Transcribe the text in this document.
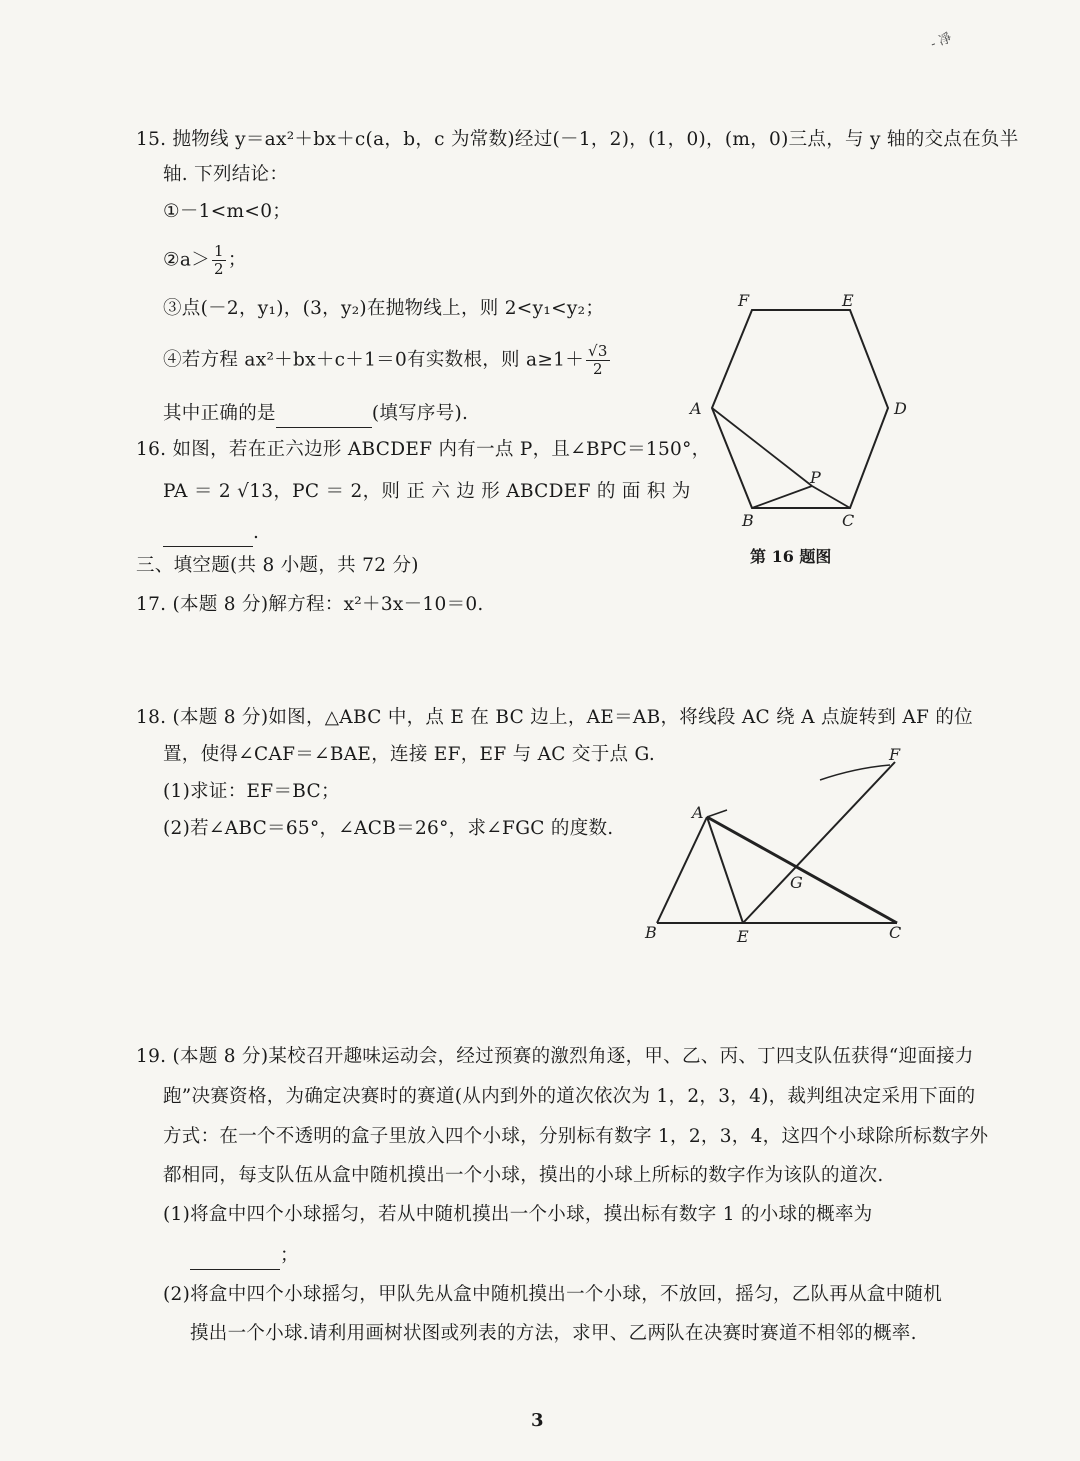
- 凈
15. 抛物线 y＝ax²＋bx＋c(a，b，c 为常数)经过(－1，2)，(1，0)，(m，0)三点，与 y 轴的交点在负半
轴. 下列结论：
①－1<m<0；
②a＞ $\frac{1}{2}$ ；
③点(－2，y₁)，(3，y₂)在抛物线上，则 2<y₁<y₂；
④若方程 ax²＋bx＋c＋1＝0有实数根，则 $a\ge 1+ \frac{√3}{2}$
其中正确的是	(填写序号).
16. 如图，若在正六边形 ABCDEF 内有一点 P，且∠BPC＝150°，
PA ＝ 2 √13，PC ＝ 2，则 正 六 边 形 ABCDEF 的 面 积 为
.
F	E
A	D
P
B	C
第 16 题图
三、填空题(共 8 小题，共 72 分)
17. (本题 8 分)解方程：x²＋3x－10＝0.
18. (本题 8 分)如图，△ABC 中，点 E 在 BC 边上，AE＝AB，将线段 AC 绕 A 点旋转到 AF 的位
置，使得∠CAF＝∠BAE，连接 EF，EF 与 AC 交于点 G.
(1)求证：EF＝BC；
(2)若∠ABC＝65°，∠ACB＝26°，求∠FGC 的度数.
A
F
G
B	E	C
19. (本题 8 分)某校召开趣味运动会，经过预赛的激烈角逐，甲、乙、丙、丁四支队伍获得“迎面接力
跑”决赛资格，为确定决赛时的赛道(从内到外的道次依次为 1，2，3，4)，裁判组决定采用下面的
方式：在一个不透明的盒子里放入四个小球，分别标有数字 1，2，3，4，这四个小球除所标数字外
都相同，每支队伍从盒中随机摸出一个小球，摸出的小球上所标的数字作为该队的道次.
(1)将盒中四个小球摇匀，若从中随机摸出一个小球，摸出标有数字 1 的小球的概率为
；
(2)将盒中四个小球摇匀，甲队先从盒中随机摸出一个小球，不放回，摇匀，乙队再从盒中随机
摸出一个小球.请利用画树状图或列表的方法，求甲、乙两队在决赛时赛道不相邻的概率.
3
